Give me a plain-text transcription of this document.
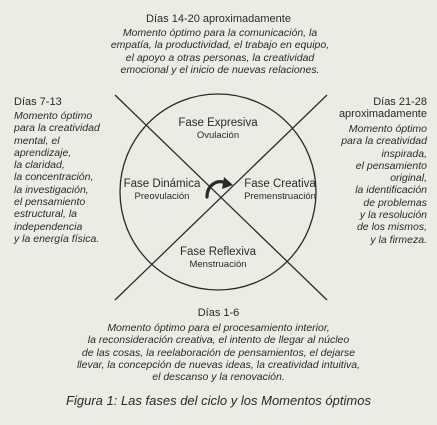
Días 14-20 aproximadamente
Momento óptimo para la comunicación, la
empatía, la productividad, el trabajo en equipo,
el apoyo a otras personas, la creatividad
emocional y el inicio de nuevas relaciones.
Días 7-13
Momento óptimo
para la creatividad
mental, el
aprendizaje,
la claridad,
la concentración,
la investigación,
el pensamiento
estructural, la
independencia
y la energía física.
Días 21-28
aproximadamente
Momento óptimo
para la creatividad
inspirada,
el pensamiento
original,
la identificación
de problemas
y la resolución
de los mismos,
y la firmeza.
Fase Expresiva
Ovulación
Fase Dinámica
Preovulación
Fase Creativa
Premenstruación
Fase Reflexiva
Menstruación
Días 1-6
Momento óptimo para el procesamiento interior,
la reconsideración creativa, el intento de llegar al núcleo
de las cosas, la reelaboración de pensamientos, el dejarse
llevar, la concepción de nuevas ideas, la creatividad intuitiva,
el descanso y la renovación.
Figura 1: Las fases del ciclo y los Momentos óptimos
